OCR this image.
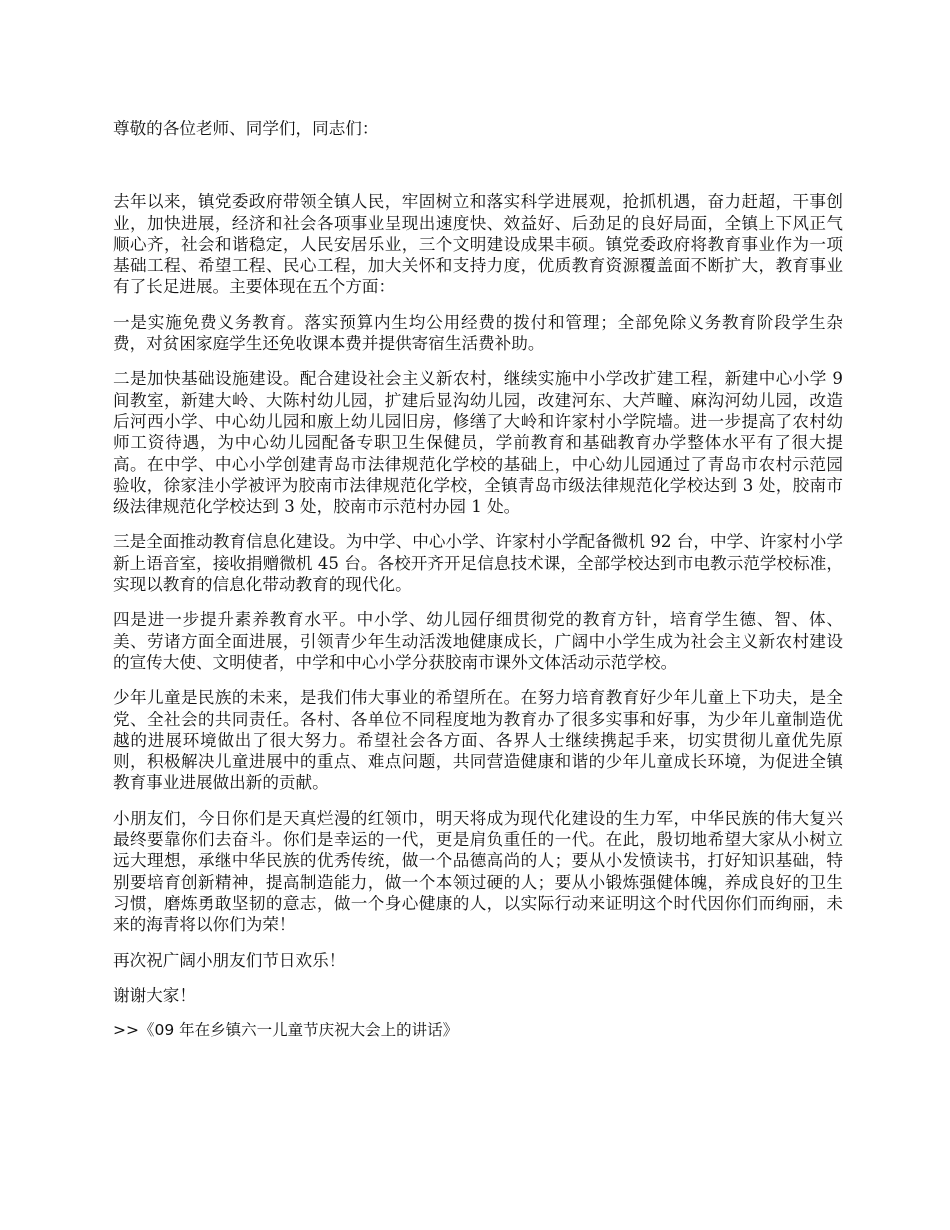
尊敬的各位老师、同学们，同志们：

去年以来，镇党委政府带领全镇人民，牢固树立和落实科学进展观，抢抓机遇，奋力赶超，干事创业，加快进展，经济和社会各项事业呈现出速度快、效益好、后劲足的良好局面，全镇上下风正气顺心齐，社会和谐稳定，人民安居乐业，三个文明建设成果丰硕。镇党委政府将教育事业作为一项基础工程、希望工程、民心工程，加大关怀和支持力度，优质教育资源覆盖面不断扩大，教育事业有了长足进展。主要体现在五个方面：

一是实施免费义务教育。落实预算内生均公用经费的拨付和管理；全部免除义务教育阶段学生杂费，对贫困家庭学生还免收课本费并提供寄宿生活费补助。

二是加快基础设施建设。配合建设社会主义新农村，继续实施中小学改扩建工程，新建中心小学 9 间教室，新建大岭、大陈村幼儿园，扩建后显沟幼儿园，改建河东、大芦疃、麻沟河幼儿园，改造后河西小学、中心幼儿园和廒上幼儿园旧房，修缮了大岭和许家村小学院墙。进一步提高了农村幼师工资待遇，为中心幼儿园配备专职卫生保健员，学前教育和基础教育办学整体水平有了很大提高。在中学、中心小学创建青岛市法律规范化学校的基础上，中心幼儿园通过了青岛市农村示范园验收，徐家洼小学被评为胶南市法律规范化学校，全镇青岛市级法律规范化学校达到 3 处，胶南市级法律规范化学校达到 3 处，胶南市示范村办园 1 处。

三是全面推动教育信息化建设。为中学、中心小学、许家村小学配备微机 92 台，中学、许家村小学新上语音室，接收捐赠微机 45 台。各校开齐开足信息技术课，全部学校达到市电教示范学校标准，实现以教育的信息化带动教育的现代化。

四是进一步提升素养教育水平。中小学、幼儿园仔细贯彻党的教育方针，培育学生德、智、体、美、劳诸方面全面进展，引领青少年生动活泼地健康成长，广阔中小学生成为社会主义新农村建设的宣传大使、文明使者，中学和中心小学分获胶南市课外文体活动示范学校。

少年儿童是民族的未来，是我们伟大事业的希望所在。在努力培育教育好少年儿童上下功夫，是全党、全社会的共同责任。各村、各单位不同程度地为教育办了很多实事和好事，为少年儿童制造优越的进展环境做出了很大努力。希望社会各方面、各界人士继续携起手来，切实贯彻儿童优先原则，积极解决儿童进展中的重点、难点问题，共同营造健康和谐的少年儿童成长环境，为促进全镇教育事业进展做出新的贡献。

小朋友们，今日你们是天真烂漫的红领巾，明天将成为现代化建设的生力军，中华民族的伟大复兴最终要靠你们去奋斗。你们是幸运的一代，更是肩负重任的一代。在此，殷切地希望大家从小树立远大理想，承继中华民族的优秀传统，做一个品德高尚的人；要从小发愤读书，打好知识基础，特别要培育创新精神，提高制造能力，做一个本领过硬的人；要从小锻炼强健体魄，养成良好的卫生习惯，磨炼勇敢坚韧的意志，做一个身心健康的人，以实际行动来证明这个时代因你们而绚丽，未来的海青将以你们为荣！

再次祝广阔小朋友们节日欢乐！

谢谢大家！

>>《09 年在乡镇六一儿童节庆祝大会上的讲话》
